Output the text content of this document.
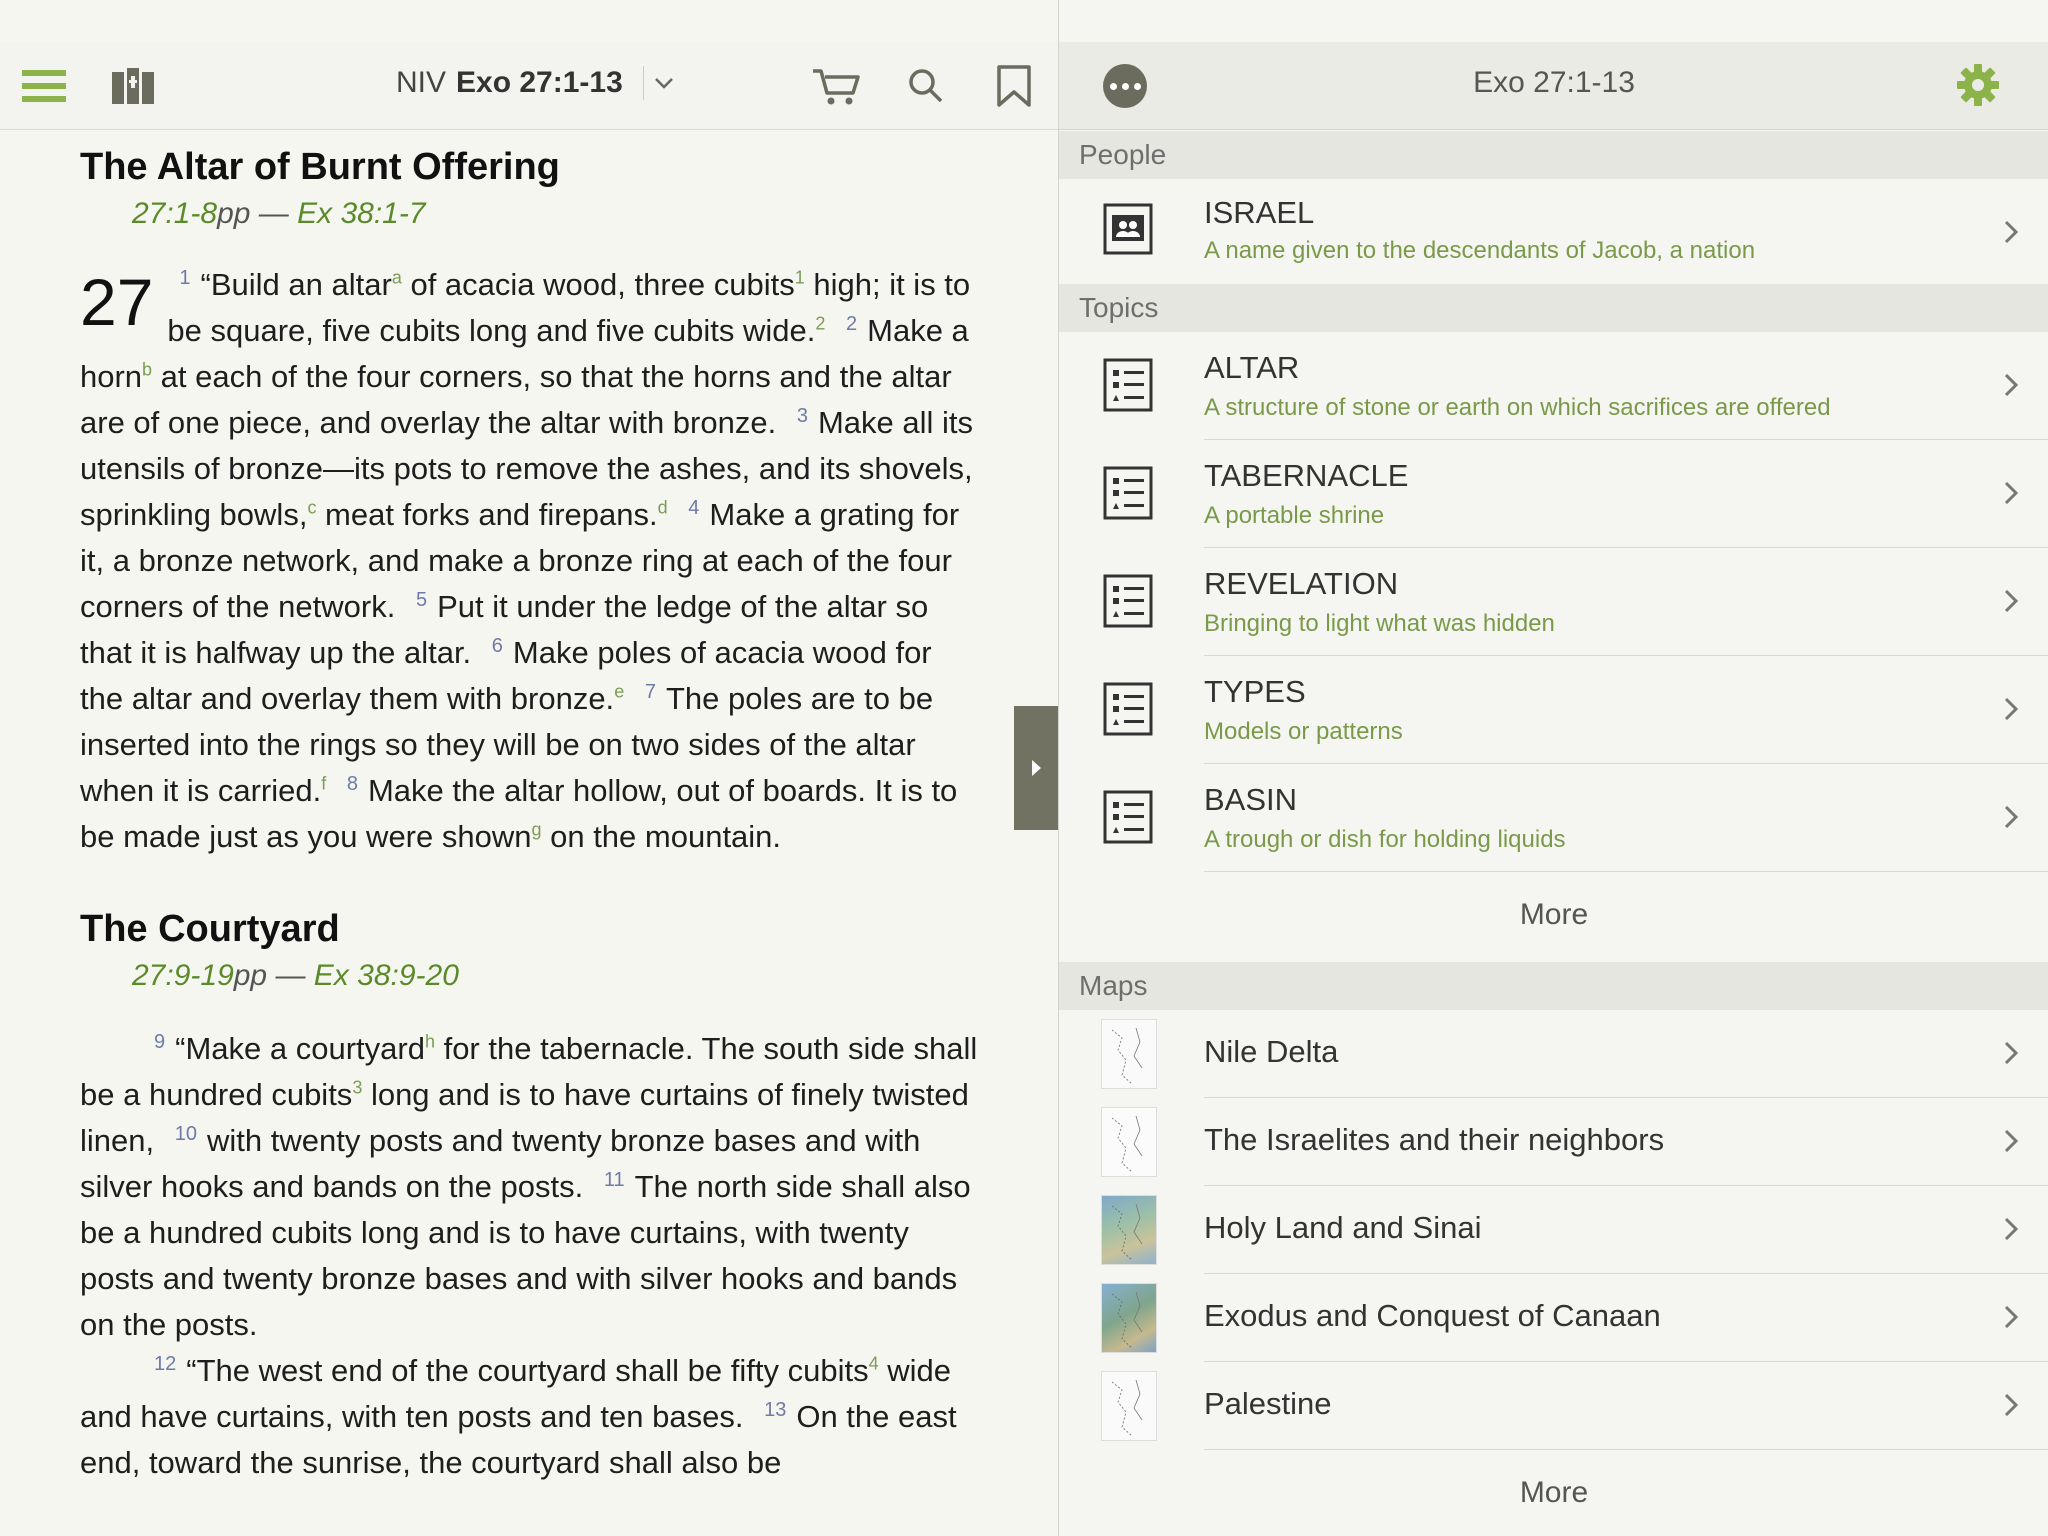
NIV Exo 27:1-13
The Altar of Burnt Offering
27:1-8pp — Ex 38:1-7
27 $^1$ “Build an altar$^a$ of acacia wood, three cubits$^1$ high; it is to be square, five cubits long and five cubits wide.$^2$ $^2$ Make a horn$^b$ at each of the four corners, so that the horns and the altar are of one piece, and overlay the altar with bronze. $^3$ Make all its utensils of bronze—its pots to remove the ashes, and its shovels, sprinkling bowls,$^c$ meat forks and firepans.$^d$ $^4$ Make a grating for it, a bronze network, and make a bronze ring at each of the four corners of the network. $^5$ Put it under the ledge of the altar so that it is halfway up the altar. $^6$ Make poles of acacia wood for the altar and overlay them with bronze.$^e$ $^7$ The poles are to be inserted into the rings so they will be on two sides of the altar when it is carried.$^f$ $^8$ Make the altar hollow, out of boards. It is to be made just as you were shown$^g$ on the mountain.
The Courtyard
27:9-19pp — Ex 38:9-20
$^9$ “Make a courtyard$^h$ for the tabernacle. The south side shall be a hundred cubits$^3$ long and is to have curtains of finely twisted linen, $^{10}$ with twenty posts and twenty bronze bases and with silver hooks and bands on the posts. $^{11}$ The north side shall also be a hundred cubits long and is to have curtains, with twenty posts and twenty bronze bases and with silver hooks and bands on the posts.
$^{12}$ “The west end of the courtyard shall be fifty cubits$^4$ wide and have curtains, with ten posts and ten bases. $^{13}$ On the east end, toward the sunrise, the courtyard shall also be
Exo 27:1-13
People
ISRAEL
A name given to the descendants of Jacob, a nation
Topics
ALTAR
A structure of stone or earth on which sacrifices are offered
TABERNACLE
A portable shrine
REVELATION
Bringing to light what was hidden
TYPES
Models or patterns
BASIN
A trough or dish for holding liquids
More
Maps
Nile Delta
The Israelites and their neighbors
Holy Land and Sinai
Exodus and Conquest of Canaan
Palestine
More
